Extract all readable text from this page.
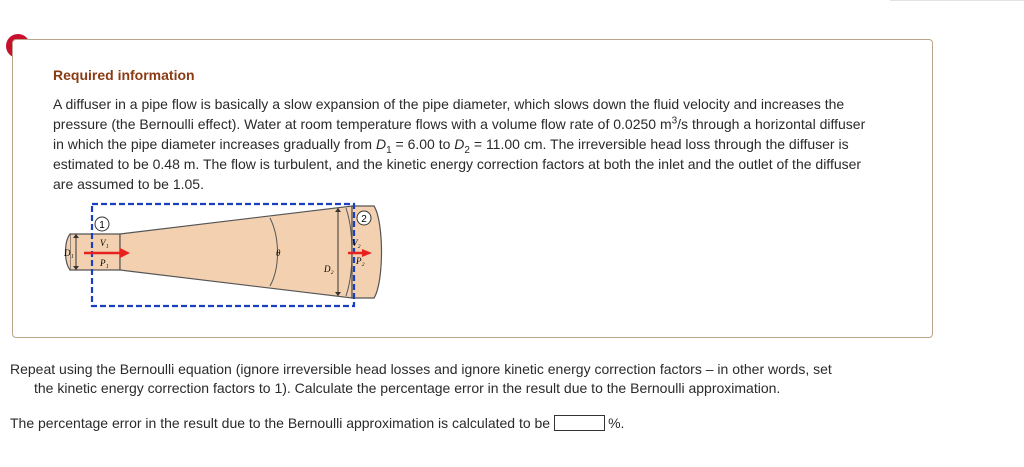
Required information
A diffuser in a pipe flow is basically a slow expansion of the pipe diameter, which slows down the fluid velocity and increases the pressure (the Bernoulli effect). Water at room temperature flows with a volume flow rate of 0.0250 $m^3/s$ through a horizontal diffuser in which the pipe diameter increases gradually from $D_1 = 6.00$ to $D_2 = 11.00$ cm. The irreversible head loss through the diffuser is estimated to be 0.48 m. The flow is turbulent, and the kinetic energy correction factors at both the inlet and the outlet of the diffuser are assumed to be 1.05.
1
2
D₁
V₁
P₁
θ
D₂
V₂
P₂
Repeat using the Bernoulli equation (ignore irreversible head losses and ignore kinetic energy correction factors – in other words, set
the kinetic energy correction factors to 1). Calculate the percentage error in the result due to the Bernoulli approximation.
The percentage error in the result due to the Bernoulli approximation is calculated to be	%.
